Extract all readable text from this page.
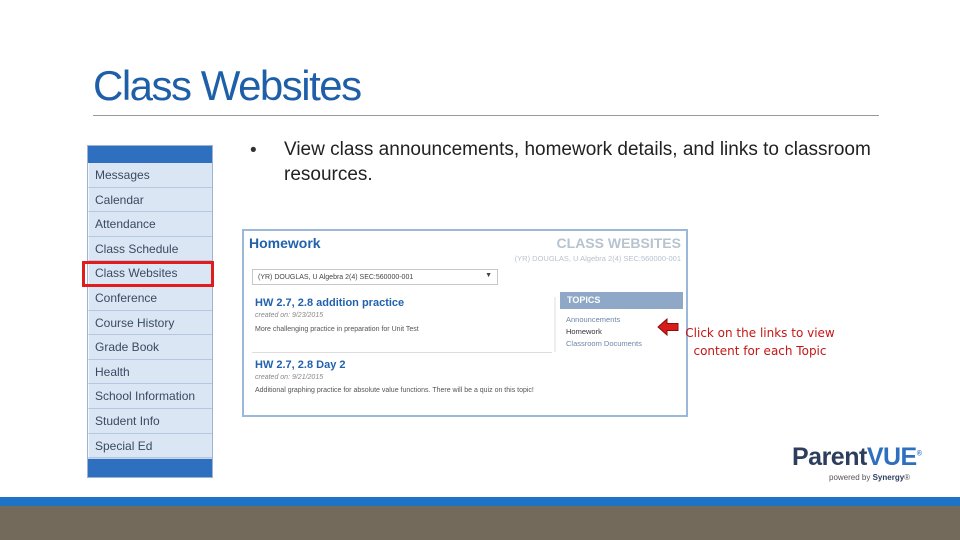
Class Websites
Messages
Calendar
Attendance
Class Schedule
Class Websites
Conference
Course History
Grade Book
Health
School Information
Student Info
Special Ed
• View class announcements, homework details, and links to classroom resources.
Homework	CLASS WEBSITES
(YR) DOUGLAS, U Algebra 2(4) SEC:560000-001
(YR) DOUGLAS, U Algebra 2(4) SEC:560000-001	▼
HW 2.7, 2.8 addition practice
created on: 9/23/2015
More challenging practice in preparation for Unit Test
HW 2.7, 2.8 Day 2
created on: 9/21/2015
Additional graphing practice for absolute value functions. There will be a quiz on this topic!
TOPICS
Announcements
Homework
Classroom Documents
Click on the links to view content for each Topic
ParentVUE®
powered by Synergy®
